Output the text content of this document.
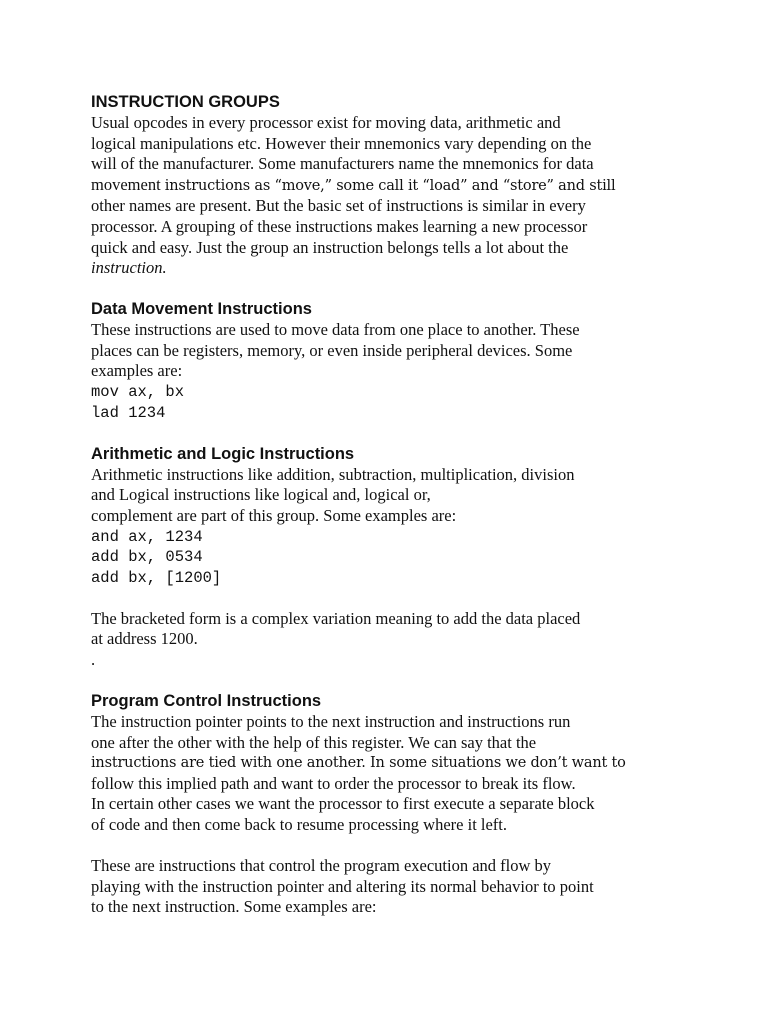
INSTRUCTION GROUPS
Usual opcodes in every processor exist for moving data, arithmetic and
logical manipulations etc. However their mnemonics vary depending on the
will of the manufacturer. Some manufacturers name the mnemonics for data
movement instructions as “move,” some call it “load” and “store” and still
other names are present. But the basic set of instructions is similar in every
processor. A grouping of these instructions makes learning a new processor
quick and easy. Just the group an instruction belongs tells a lot about the
instruction.
Data Movement Instructions
These instructions are used to move data from one place to another. These
places can be registers, memory, or even inside peripheral devices. Some
examples are:
mov ax, bx
lad 1234
Arithmetic and Logic Instructions
Arithmetic instructions like addition, subtraction, multiplication, division
and Logical instructions like logical and, logical or,
complement are part of this group. Some examples are:
and ax, 1234
add bx, 0534
add bx, [1200]
The bracketed form is a complex variation meaning to add the data placed
at address 1200.
.
Program Control Instructions
The instruction pointer points to the next instruction and instructions run
one after the other with the help of this register. We can say that the
instructions are tied with one another. In some situations we don’t want to
follow this implied path and want to order the processor to break its flow.
In certain other cases we want the processor to first execute a separate block
of code and then come back to resume processing where it left.
These are instructions that control the program execution and flow by
playing with the instruction pointer and altering its normal behavior to point
to the next instruction. Some examples are:
